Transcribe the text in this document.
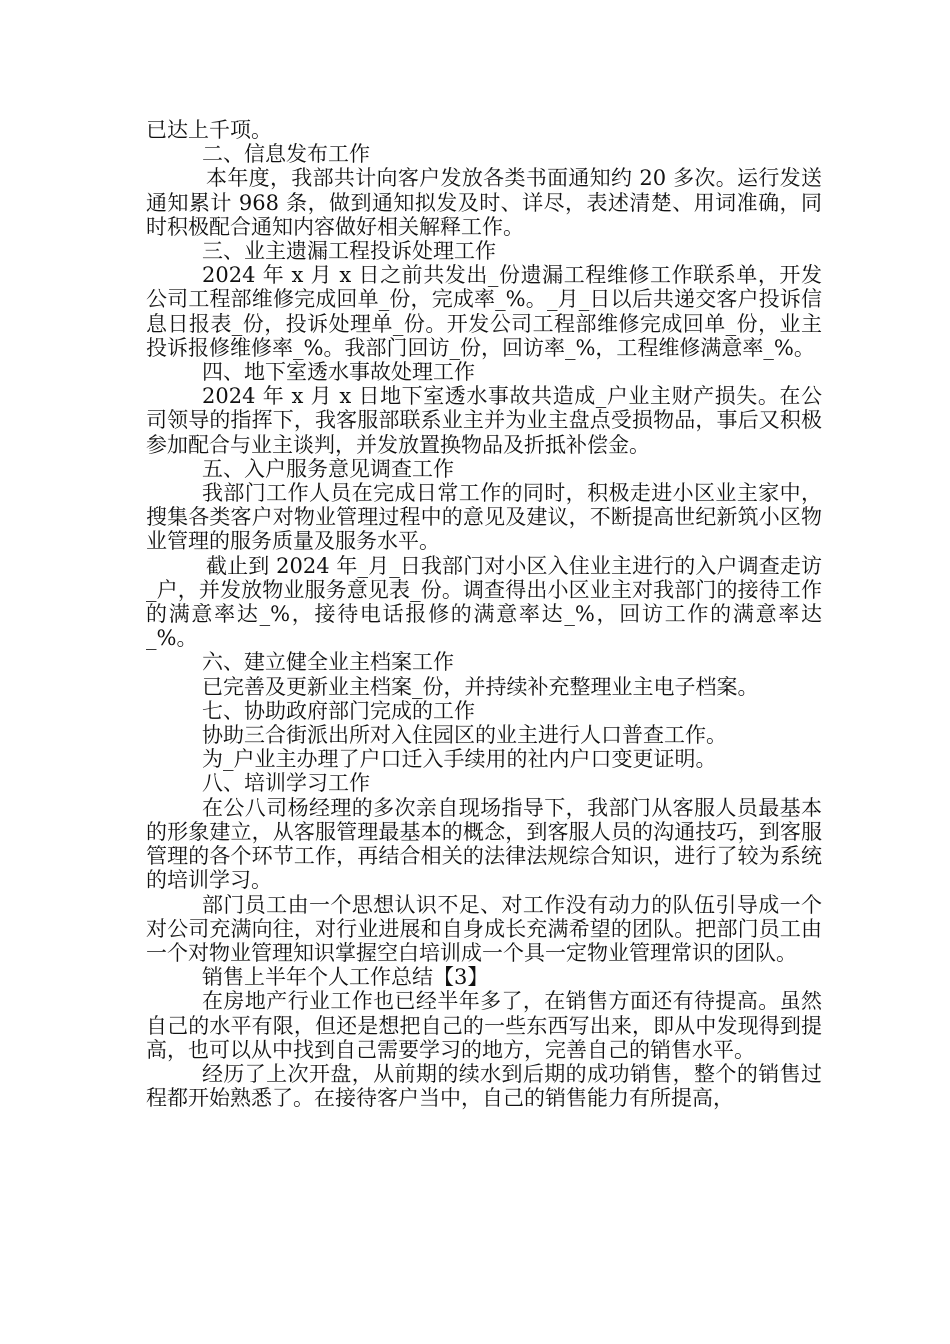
已达上千项。

二、信息发布工作

本年度，我部共计向客户发放各类书面通知约 20 多次。运行发送通知累计 968 条，做到通知拟发及时、详尽，表述清楚、用词准确，同时积极配合通知内容做好相关解释工作。

三、业主遗漏工程投诉处理工作

2024 年 x 月 x 日之前共发出_份遗漏工程维修工作联系单，开发公司工程部维修完成回单_份，完成率_%。_月_日以后共递交客户投诉信息日报表_份，投诉处理单_份。开发公司工程部维修完成回单_份，业主投诉报修维修率_%。我部门回访_份，回访率_%，工程维修满意率_%。

四、地下室透水事故处理工作

2024 年 x 月 x 日地下室透水事故共造成_户业主财产损失。在公司领导的指挥下，我客服部联系业主并为业主盘点受损物品，事后又积极参加配合与业主谈判，并发放置换物品及折抵补偿金。

五、入户服务意见调查工作

我部门工作人员在完成日常工作的同时，积极走进小区业主家中，搜集各类客户对物业管理过程中的意见及建议，不断提高世纪新筑小区物业管理的服务质量及服务水平。

截止到 2024 年_月_日我部门对小区入住业主进行的入户调查走访_户，并发放物业服务意见表_份。调查得出小区业主对我部门的接待工作的满意率达_%，接待电话报修的满意率达_%，回访工作的满意率达_%。

六、建立健全业主档案工作

已完善及更新业主档案_份，并持续补充整理业主电子档案。

七、协助政府部门完成的工作

协助三合街派出所对入住园区的业主进行人口普查工作。

为_户业主办理了户口迁入手续用的社内户口变更证明。

八、培训学习工作

在公八司杨经理的多次亲自现场指导下，我部门从客服人员最基本的形象建立，从客服管理最基本的概念，到客服人员的沟通技巧，到客服管理的各个环节工作，再结合相关的法律法规综合知识，进行了较为系统的培训学习。

部门员工由一个思想认识不足、对工作没有动力的队伍引导成一个对公司充满向往，对行业进展和自身成长充满希望的团队。把部门员工由一个对物业管理知识掌握空白培训成一个具一定物业管理常识的团队。

销售上半年个人工作总结【3】

在房地产行业工作也已经半年多了，在销售方面还有待提高。虽然自己的水平有限，但还是想把自己的一些东西写出来，即从中发现得到提高，也可以从中找到自己需要学习的地方，完善自己的销售水平。

经历了上次开盘，从前期的续水到后期的成功销售，整个的销售过程都开始熟悉了。在接待客户当中，自己的销售能力有所提高，
